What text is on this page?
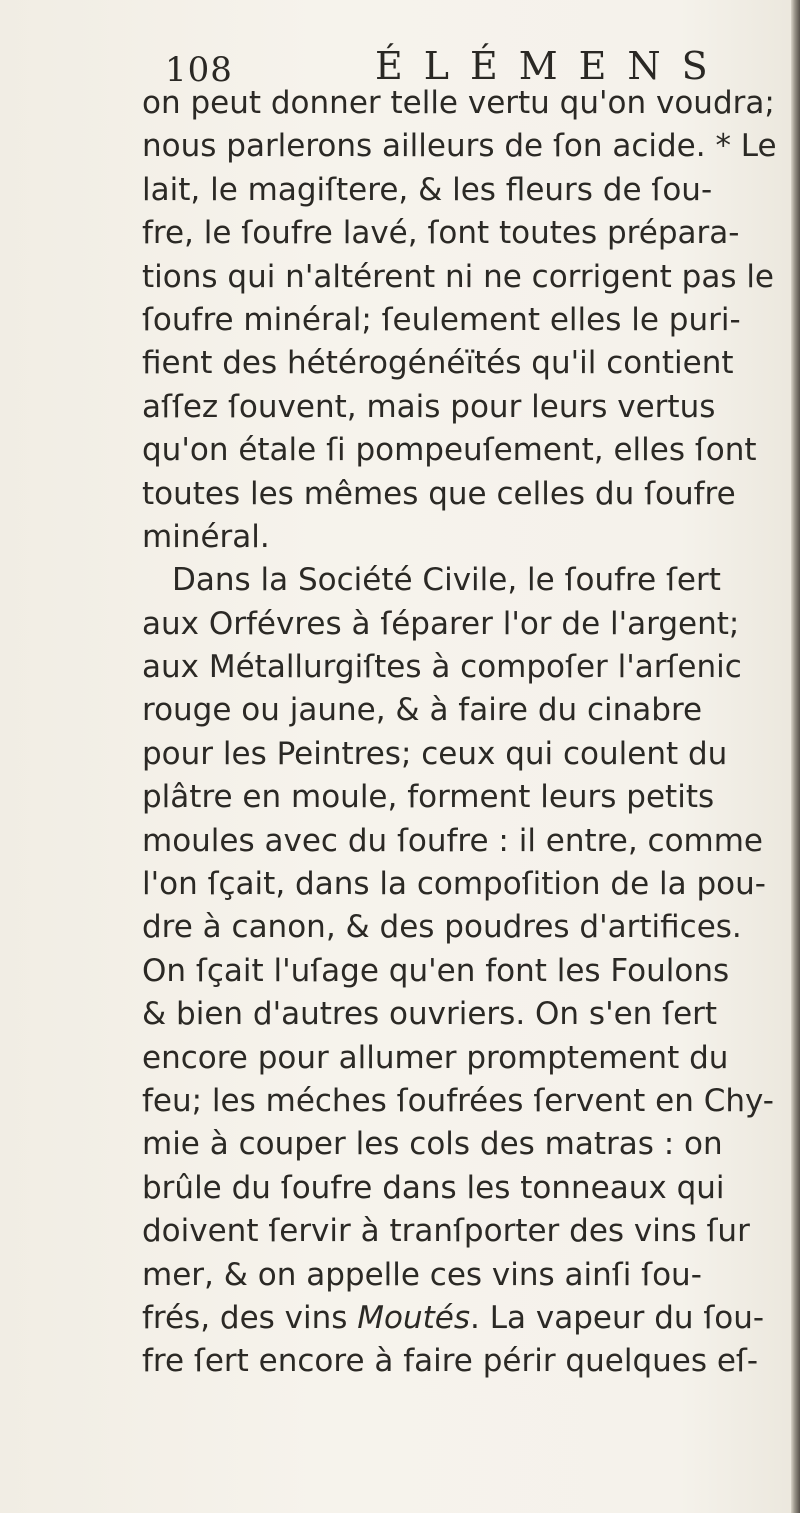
108	ÉLÉMENS
on peut donner telle vertu qu'on voudra;
nous parlerons ailleurs de ſon acide. * Le
lait, le magiſtere, & les fleurs de ſou-
fre, le ſoufre lavé, ſont toutes prépara-
tions qui n'altérent ni ne corrigent pas le
ſoufre minéral; ſeulement elles le puri-
fient des hétérogénéïtés qu'il contient
aſſez ſouvent, mais pour leurs vertus
qu'on étale ſi pompeuſement, elles ſont
toutes les mêmes que celles du ſoufre
minéral.
Dans la Société Civile, le ſoufre ſert
aux Orfévres à ſéparer l'or de l'argent;
aux Métallurgiſtes à compoſer l'arſenic
rouge ou jaune, & à faire du cinabre
pour les Peintres; ceux qui coulent du
plâtre en moule, forment leurs petits
moules avec du ſoufre : il entre, comme
l'on ſçait, dans la compoſition de la pou-
dre à canon, & des poudres d'artifices.
On ſçait l'uſage qu'en font les Foulons
& bien d'autres ouvriers. On s'en ſert
encore pour allumer promptement du
feu; les méches ſoufrées ſervent en Chy-
mie à couper les cols des matras : on
brûle du ſoufre dans les tonneaux qui
doivent ſervir à tranſporter des vins ſur
mer, & on appelle ces vins ainſi ſou-
frés, des vins Moutés. La vapeur du ſou-
fre ſert encore à faire périr quelques eſ-
